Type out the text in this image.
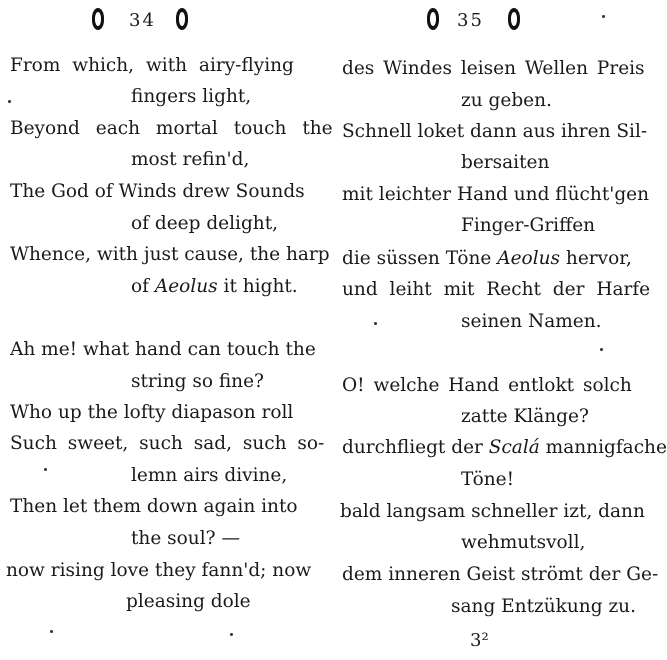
34
From which, with airy-flying
fingers light,
Beyond each mortal touch the
most refin'd,
The God of Winds drew Sounds
of deep delight,
Whence, with just cause, the harp
of Aeolus it hight.
Ah me! what hand can touch the
string so fine?
Who up the lofty diapason roll
Such sweet, such sad, such so-
lemn airs divine,
Then let them down again into
the soul? —
now rising love they fann'd; now
pleasing dole
35
des Windes leisen Wellen Preis
zu geben.
Schnell loket dann aus ihren Sil-
bersaiten
mit leichter Hand und flücht'gen
Finger-Griffen
die süssen Töne Aeolus hervor,
und leiht mit Recht der Harfe
seinen Namen.
O! welche Hand entlokt solch
zatte Klänge?
durchfliegt der Scalá mannigfache
Töne!
bald langsam schneller izt, dann
wehmutsvoll,
dem inneren Geist strömt der Ge-
sang Entzükung zu.
3²
